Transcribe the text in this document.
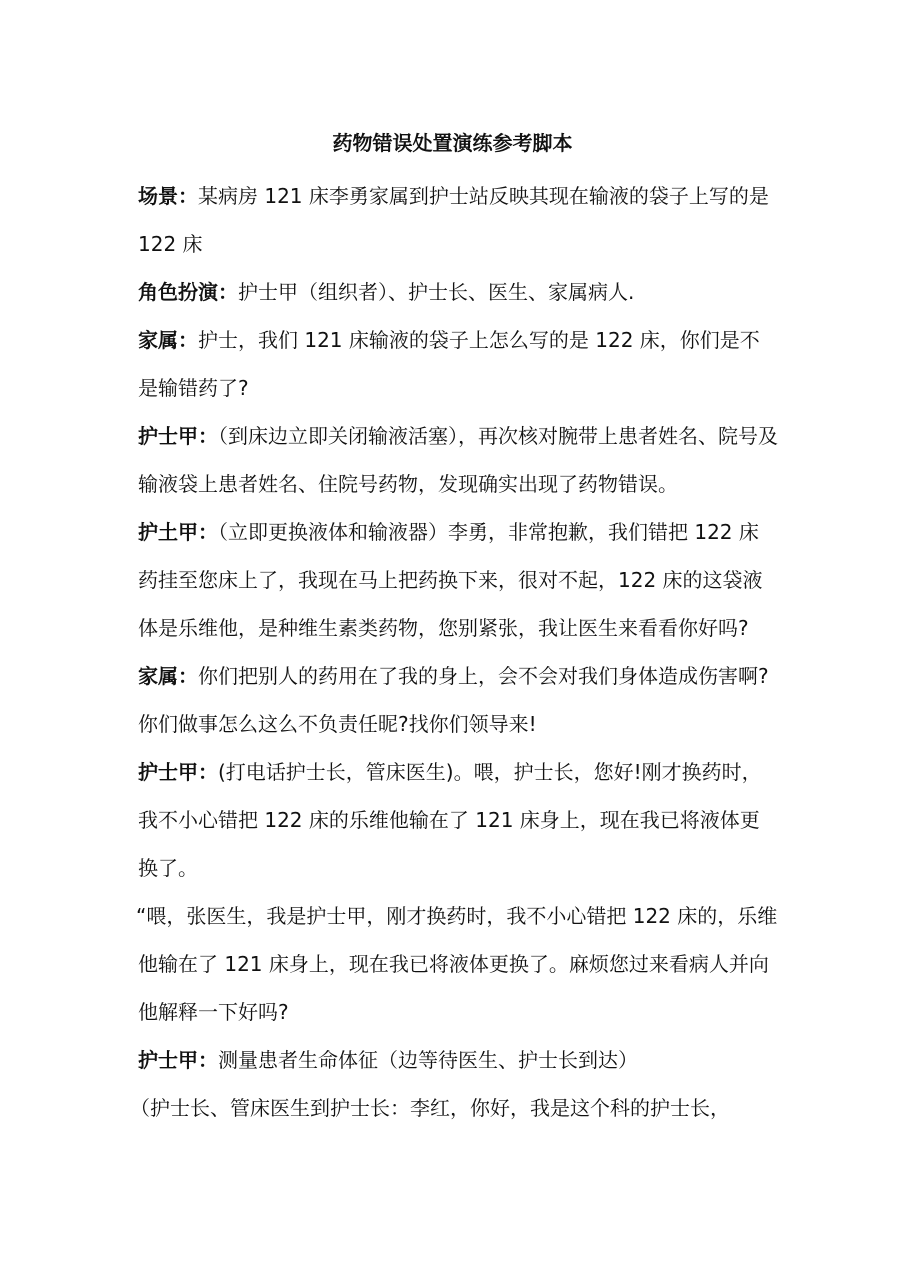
药物错误处置演练参考脚本

场景：某病房 121 床李勇家属到护士站反映其现在输液的袋子上写的是 122 床

角色扮演：护士甲（组织者）、护士长、医生、家属病人.

家属：护士，我们 121 床输液的袋子上怎么写的是 122 床，你们是不是输错药了?

护士甲：（到床边立即关闭输液活塞），再次核对腕带上患者姓名、院号及输液袋上患者姓名、住院号药物，发现确实出现了药物错误。

护土甲：（立即更换液体和输液器）李勇，非常抱歉，我们错把 122 床药挂至您床上了，我现在马上把药换下来，很对不起，122 床的这袋液体是乐维他，是种维生素类药物，您别紧张，我让医生来看看你好吗?

家属：你们把别人的药用在了我的身上，会不会对我们身体造成伤害啊?你们做事怎么这么不负责任昵?找你们领导来!

护士甲：(打电话护士长，管床医生)。喂，护士长，您好!刚才换药时，我不小心错把 122 床的乐维他输在了 121 床身上，现在我已将液体更换了。

“喂，张医生，我是护士甲，刚才换药时，我不小心错把 122 床的，乐维他输在了 121 床身上，现在我已将液体更换了。麻烦您过来看病人并向他解释一下好吗?

护士甲：测量患者生命体征（边等待医生、护士长到达）

（护士长、管床医生到护士长：李红，你好，我是这个科的护士长，
